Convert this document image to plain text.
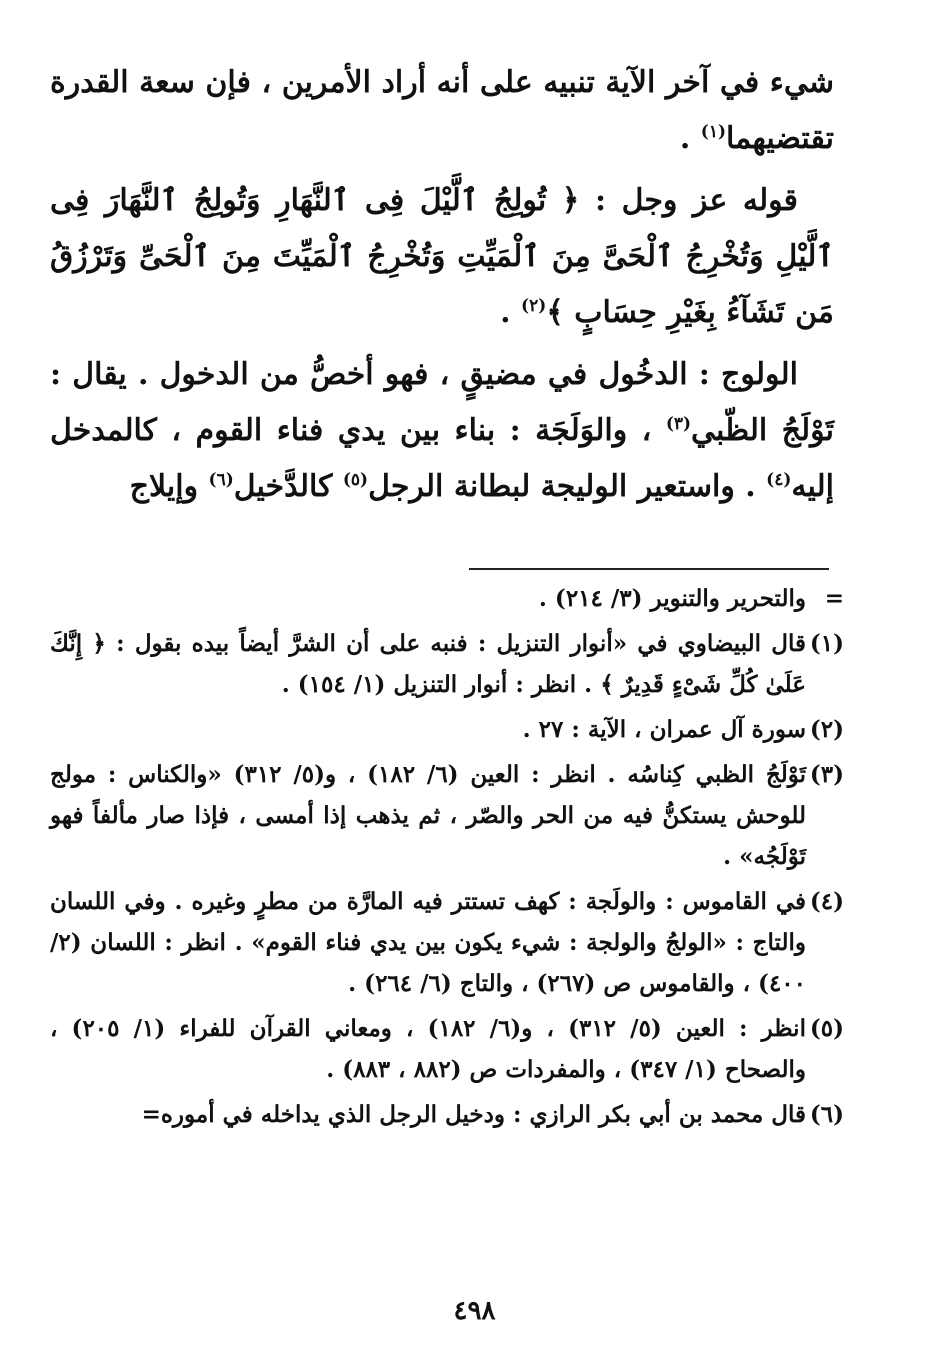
شيء في آخر الآية تنبيه على أنه أراد الأمرين ، فإن سعة القدرة تقتضيهما$^{(١)}$ .

قوله عز وجل : ﴿ تُولِجُ ٱلَّيْلَ فِى ٱلنَّهَارِ وَتُولِجُ ٱلنَّهَارَ فِى ٱلَّيْلِ وَتُخْرِجُ ٱلْحَىَّ مِنَ ٱلْمَيِّتِ وَتُخْرِجُ ٱلْمَيِّتَ مِنَ ٱلْحَىِّ وَتَرْزُقُ مَن تَشَآءُ بِغَيْرِ حِسَابٍ ﴾$^{(٢)}$ .

الولوج : الدخُول في مضيقٍ ، فهو أخصُّ من الدخول . يقال : تَوْلَجُ الظّبي$^{(٣)}$ ، والوَلَجَة : بناء بين يدي فناء القوم ، كالمدخل إليه$^{(٤)}$ . واستعير الوليجة لبطانة الرجل$^{(٥)}$ كالدَّخيل$^{(٦)}$ وإيلاج

=
والتحرير والتنوير (٣/ ٢١٤) .

(١)
قال البيضاوي في «أنوار التنزيل : فنبه على أن الشرَّ أيضاً بيده بقول : ﴿ إِنَّكَ عَلَىٰ كُلِّ شَىْءٍ قَدِيرٌ ﴾ . انظر : أنوار التنزيل (١/ ١٥٤) .

(٢)
سورة آل عمران ، الآية : ٢٧ .

(٣)
تَوْلَجُ الظبي كِناسُه . انظر : العين (٦/ ١٨٢) ، و(٥/ ٣١٢) «والكناس : مولج للوحش يستكنُّ فيه من الحر والصّر ، ثم يذهب إذا أمسى ، فإذا صار مألفاً فهو تَوْلَجُه» .

(٤)
في القاموس : والولَجة : كهف تستتر فيه المارَّة من مطرٍ وغيره . وفي اللسان والتاج : «الولجُ والولجة : شيء يكون بين يدي فناء القوم» . انظر : اللسان (٢/ ٤٠٠) ، والقاموس ص (٢٦٧) ، والتاج (٦/ ٢٦٤) .

(٥)
انظر : العين (٥/ ٣١٢) ، و(٦/ ١٨٢) ، ومعاني القرآن للفراء (١/ ٢٠٥) ، والصحاح (١/ ٣٤٧) ، والمفردات ص (٨٨٢ ، ٨٨٣) .

(٦)
قال محمد بن أبي بكر الرازي : ودخيل الرجل الذي يداخله في أموره=

٤٩٨
